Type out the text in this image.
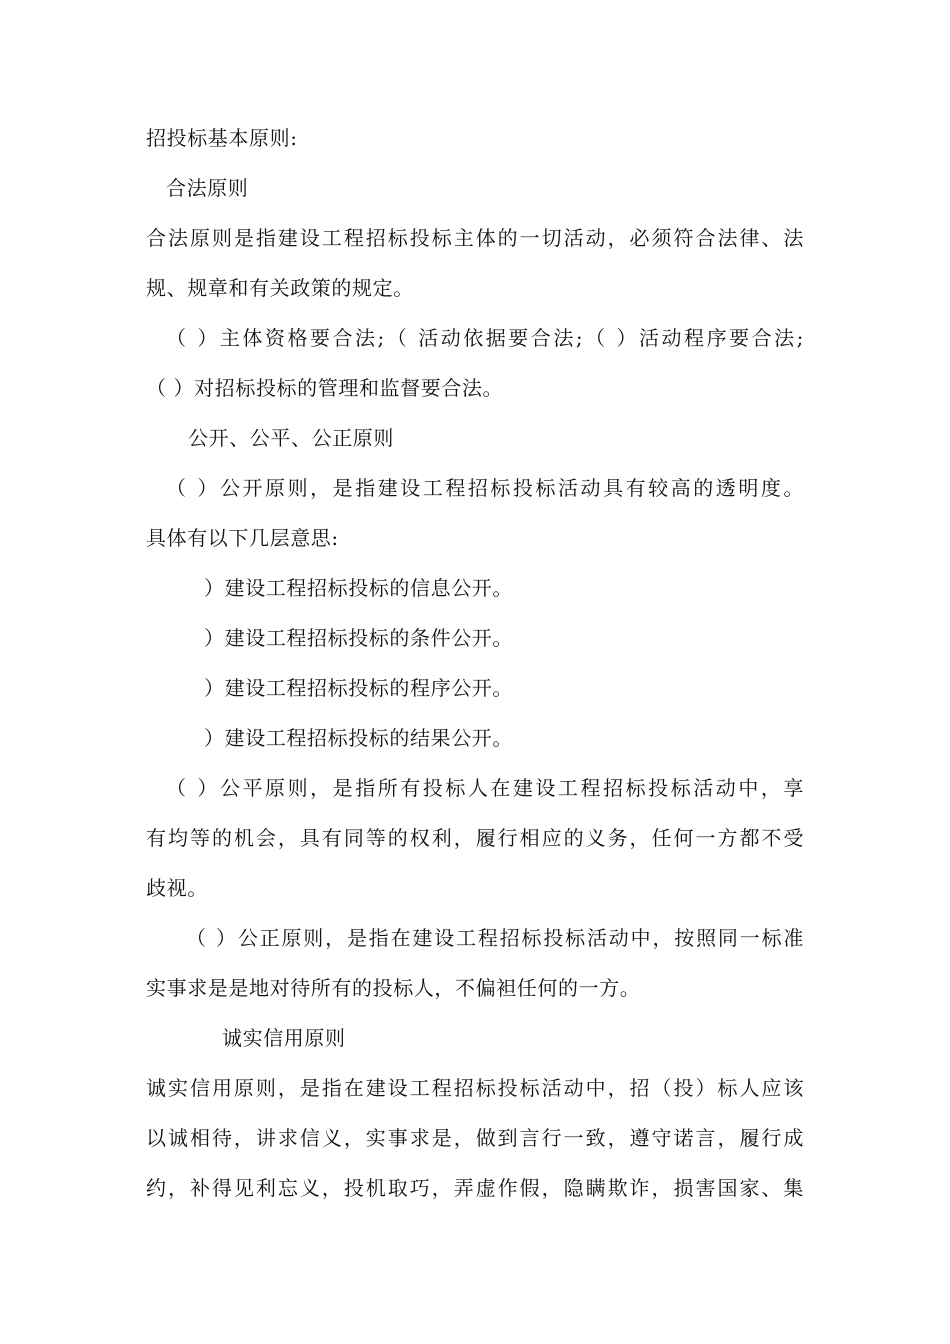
招投标基本原则:
合法原则
合法原则是指建设工程招标投标主体的一切活动，必须符合法律、法
规、规章和有关政策的规定。
（ ）主体资格要合法;（ 活动依据要合法;（ ）活动程序要合法;
（ ）对招标投标的管理和监督要合法。
公开、公平、公正原则
（ ）公开原则，是指建设工程招标投标活动具有较高的透明度。
具体有以下几层意思:
）建设工程招标投标的信息公开。
）建设工程招标投标的条件公开。
）建设工程招标投标的程序公开。
）建设工程招标投标的结果公开。
（ ）公平原则，是指所有投标人在建设工程招标投标活动中，享
有均等的机会，具有同等的权利，履行相应的义务，任何一方都不受
歧视。
（ ）公正原则，是指在建设工程招标投标活动中，按照同一标准
实事求是是地对待所有的投标人，不偏袒任何的一方。
诚实信用原则
诚实信用原则，是指在建设工程招标投标活动中，招（投）标人应该
以诚相待，讲求信义，实事求是，做到言行一致，遵守诺言，履行成
约，补得见利忘义，投机取巧，弄虚作假，隐瞒欺诈，损害国家、集
